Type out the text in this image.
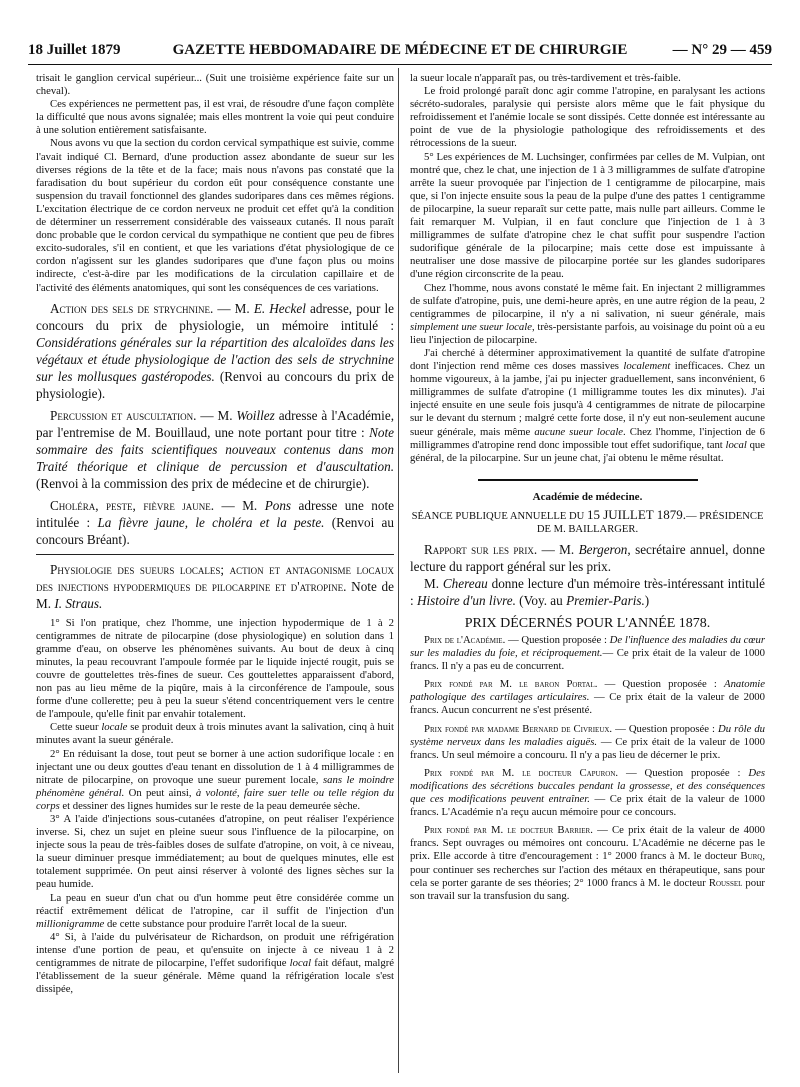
18 Juillet 1879	GAZETTE HEBDOMADAIRE DE MÉDECINE ET DE CHIRURGIE	— N° 29 — 459

trisait le ganglion cervical supérieur... (Suit une troisième expérience faite sur un cheval).

Ces expériences ne permettent pas, il est vrai, de résoudre d'une façon complète la difficulté que nous avons signalée; mais elles montrent la voie qui peut conduire à une solution entièrement satisfaisante.

Nous avons vu que la section du cordon cervical sympathique est suivie, comme l'avait indiqué Cl. Bernard, d'une production assez abondante de sueur sur les diverses régions de la tête et de la face; mais nous n'avons pas constaté que la faradisation du bout supérieur du cordon eût pour conséquence constante une suspension du travail fonctionnel des glandes sudoripares dans ces mêmes régions. L'excitation électrique de ce cordon nerveux ne produit cet effet qu'à la condition de déterminer un resserrement considérable des vaisseaux cutanés. Il nous paraît donc probable que le cordon cervical du sympathique ne contient que peu de fibres excito-sudorales, s'il en contient, et que les variations d'état physiologique de ce cordon n'agissent sur les glandes sudoripares que d'une façon plus ou moins indirecte, c'est-à-dire par les modifications de la circulation capillaire et de l'activité des éléments anatomiques, qui sont les conséquences de ces variations.

Action des sels de strychnine. — M. E. Heckel adresse, pour le concours du prix de physiologie, un mémoire intitulé : Considérations générales sur la répartition des alcaloïdes dans les végétaux et étude physiologique de l'action des sels de strychnine sur les mollusques gastéropodes. (Renvoi au concours du prix de physiologie).

Percussion et auscultation. — M. Woillez adresse à l'Académie, par l'entremise de M. Bouillaud, une note portant pour titre : Note sommaire des faits scientifiques nouveaux contenus dans mon Traité théorique et clinique de percussion et d'auscultation. (Renvoi à la commission des prix de médecine et de chirurgie).

Choléra, peste, fièvre jaune. — M. Pons adresse une note intitulée : La fièvre jaune, le choléra et la peste. (Renvoi au concours Bréant).

Physiologie des sueurs locales; action et antagonisme locaux des injections hypodermiques de pilocarpine et d'atropine. Note de M. I. Straus.

1° Si l'on pratique, chez l'homme, une injection hypodermique de 1 à 2 centigrammes de nitrate de pilocarpine (dose physiologique) en solution dans 1 gramme d'eau, on observe les phénomènes suivants. Au bout de deux à cinq minutes, la peau recouvrant l'ampoule formée par le liquide injecté rougit, puis se couvre de gouttelettes très-fines de sueur. Ces gouttelettes apparaissent d'abord, non pas au lieu même de la piqûre, mais à la circonférence de l'ampoule, sous forme d'une collerette; peu à peu la sueur s'étend concentriquement vers le centre de l'ampoule, qu'elle finit par envahir totalement.

Cette sueur locale se produit deux à trois minutes avant la salivation, cinq à huit minutes avant la sueur générale.

2° En réduisant la dose, tout peut se borner à une action sudorifique locale : en injectant une ou deux gouttes d'eau tenant en dissolution de 1 à 4 milligrammes de nitrate de pilocarpine, on provoque une sueur purement locale, sans le moindre phénomène général. On peut ainsi, à volonté, faire suer telle ou telle région du corps et dessiner des lignes humides sur le reste de la peau demeurée sèche.

3° A l'aide d'injections sous-cutanées d'atropine, on peut réaliser l'expérience inverse. Si, chez un sujet en pleine sueur sous l'influence de la pilocarpine, on injecte sous la peau de très-faibles doses de sulfate d'atropine, on voit, à ce niveau, la sueur diminuer presque immédiatement; au bout de quelques minutes, elle est totalement supprimée. On peut ainsi réserver à volonté des lignes sèches sur la peau humide.

La peau en sueur d'un chat ou d'un homme peut être considérée comme un réactif extrêmement délicat de l'atropine, car il suffit de l'injection d'un millionigramme de cette substance pour produire l'arrêt local de la sueur.

4° Si, à l'aide du pulvérisateur de Richardson, on produit une réfrigération intense d'une portion de peau, et qu'ensuite on injecte à ce niveau 1 à 2 centigrammes de nitrate de pilocarpine, l'effet sudorifique local fait défaut, malgré l'établissement de la sueur générale. Même quand la réfrigération locale s'est dissipée,

la sueur locale n'apparaît pas, ou très-tardivement et très-faible.

Le froid prolongé paraît donc agir comme l'atropine, en paralysant les actions sécréto-sudorales, paralysie qui persiste alors même que le fait physique du refroidissement et l'anémie locale se sont dissipés. Cette donnée est intéressante au point de vue de la physiologie pathologique des refroidissements et des rétrocessions de la sueur.

5° Les expériences de M. Luchsinger, confirmées par celles de M. Vulpian, ont montré que, chez le chat, une injection de 1 à 3 milligrammes de sulfate d'atropine arrête la sueur provoquée par l'injection de 1 centigramme de pilocarpine, mais que, si l'on injecte ensuite sous la peau de la pulpe d'une des pattes 1 centigramme de pilocarpine, la sueur reparaît sur cette patte, mais nulle part ailleurs. Comme le fait remarquer M. Vulpian, il en faut conclure que l'injection de 1 à 3 milligrammes de sulfate d'atropine chez le chat suffit pour suspendre l'action sudorifique générale de la pilocarpine; mais cette dose est impuissante à neutraliser une dose massive de pilocarpine portée sur les glandes sudoripares d'une région circonscrite de la peau.

Chez l'homme, nous avons constaté le même fait. En injectant 2 milligrammes de sulfate d'atropine, puis, une demi-heure après, en une autre région de la peau, 2 centigrammes de pilocarpine, il n'y a ni salivation, ni sueur générale, mais simplement une sueur locale, très-persistante parfois, au voisinage du point où a eu lieu l'injection de pilocarpine.

J'ai cherché à déterminer approximativement la quantité de sulfate d'atropine dont l'injection rend même ces doses massives localement inefficaces. Chez un homme vigoureux, à la jambe, j'ai pu injecter graduellement, sans inconvénient, 6 milligrammes de sulfate d'atropine (1 milligramme toutes les dix minutes). J'ai injecté ensuite en une seule fois jusqu'à 4 centigrammes de nitrate de pilocarpine sur le devant du sternum ; malgré cette forte dose, il n'y eut non-seulement aucune sueur générale, mais même aucune sueur locale. Chez l'homme, l'injection de 6 milligrammes d'atropine rend donc impossible tout effet sudorifique, tant local que général, de la pilocarpine. Sur un jeune chat, j'ai obtenu le même résultat.

Académie de médecine.

SÉANCE PUBLIQUE ANNUELLE DU 15 JUILLET 1879.— PRÉSIDENCE DE M. BAILLARGER.

Rapport sur les prix. — M. Bergeron, secrétaire annuel, donne lecture du rapport général sur les prix.

M. Chereau donne lecture d'un mémoire très-intéressant intitulé : Histoire d'un livre. (Voy. au Premier-Paris.)

PRIX DÉCERNÉS POUR L'ANNÉE 1878.

Prix de l'Académie. — Question proposée : De l'influence des maladies du cœur sur les maladies du foie, et réciproquement.— Ce prix était de la valeur de 1000 francs. Il n'y a pas eu de concurrent.

Prix fondé par M. le baron Portal. — Question proposée : Anatomie pathologique des cartilages articulaires. — Ce prix était de la valeur de 2000 francs. Aucun concurrent ne s'est présenté.

Prix fondé par madame Bernard de Civrieux. — Question proposée : Du rôle du système nerveux dans les maladies aiguës. — Ce prix était de la valeur de 1000 francs. Un seul mémoire a concouru. Il n'y a pas lieu de décerner le prix.

Prix fondé par M. le docteur Capuron. — Question proposée : Des modifications des sécrétions buccales pendant la grossesse, et des conséquences que ces modifications peuvent entraîner. — Ce prix était de la valeur de 1000 francs. L'Académie n'a reçu aucun mémoire pour ce concours.

Prix fondé par M. le docteur Barrier. — Ce prix était de la valeur de 4000 francs. Sept ouvrages ou mémoires ont concouru. L'Académie ne décerne pas le prix. Elle accorde à titre d'encouragement : 1° 2000 francs à M. le docteur Burq, pour continuer ses recherches sur l'action des métaux en thérapeutique, sans pour cela se porter garante de ses théories; 2° 1000 francs à M. le docteur Roussel pour son travail sur la transfusion du sang.
